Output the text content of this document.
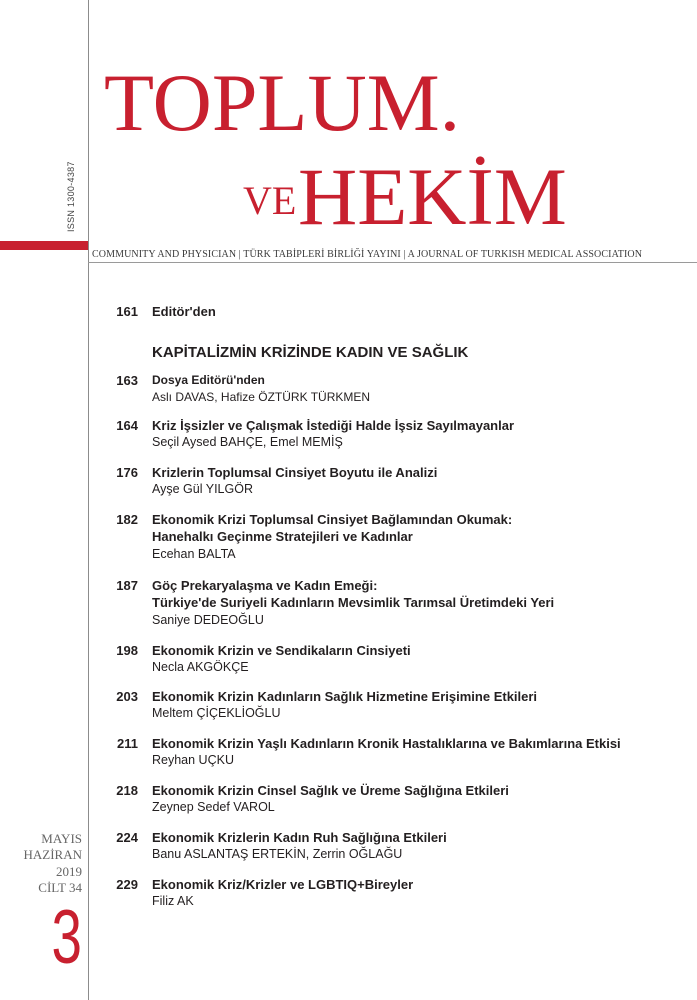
TOPLUM.
VE HEKİM
ISSN 1300-4387
COMMUNITY AND PHYSICIAN | TÜRK TABİPLERİ BİRLİĞİ YAYINI | A JOURNAL OF TURKISH MEDICAL ASSOCIATION
161 Editör'den
KAPİTALİZMİN KRİZİNDE KADIN VE SAĞLIK
163 Dosya Editörü'nden
Aslı DAVAS, Hafize ÖZTÜRK TÜRKMEN
164 Kriz İşsizler ve Çalışmak İstediği Halde İşsiz Sayılmayanlar
Seçil Aysed BAHÇE, Emel MEMİŞ
176 Krizlerin Toplumsal Cinsiyet Boyutu ile Analizi
Ayşe Gül YILGÖR
182 Ekonomik Krizi Toplumsal Cinsiyet Bağlamından Okumak:
Hanehalkı Geçinme Stratejileri ve Kadınlar
Ecehan BALTA
187 Göç Prekaryalaşma ve Kadın Emeği:
Türkiye'de Suriyeli Kadınların Mevsimlik Tarımsal Üretimdeki Yeri
Saniye DEDEOĞLU
198 Ekonomik Krizin ve Sendikaların Cinsiyeti
Necla AKGÖKÇE
203 Ekonomik Krizin Kadınların Sağlık Hizmetine Erişimine Etkileri
Meltem ÇİÇEKLİOĞLU
211 Ekonomik Krizin Yaşlı Kadınların Kronik Hastalıklarına ve Bakımlarına Etkisi
Reyhan UÇKU
218 Ekonomik Krizin Cinsel Sağlık ve Üreme Sağlığına Etkileri
Zeynep Sedef VAROL
224 Ekonomik Krizlerin Kadın Ruh Sağlığına Etkileri
Banu ASLANTAŞ ERTEKİN, Zerrin OĞLAĞU
229 Ekonomik Kriz/Krizler ve LGBTIQ+Bireyler
Filiz AK
MAYIS
HAZİRAN
2019
CİLT 34
3
